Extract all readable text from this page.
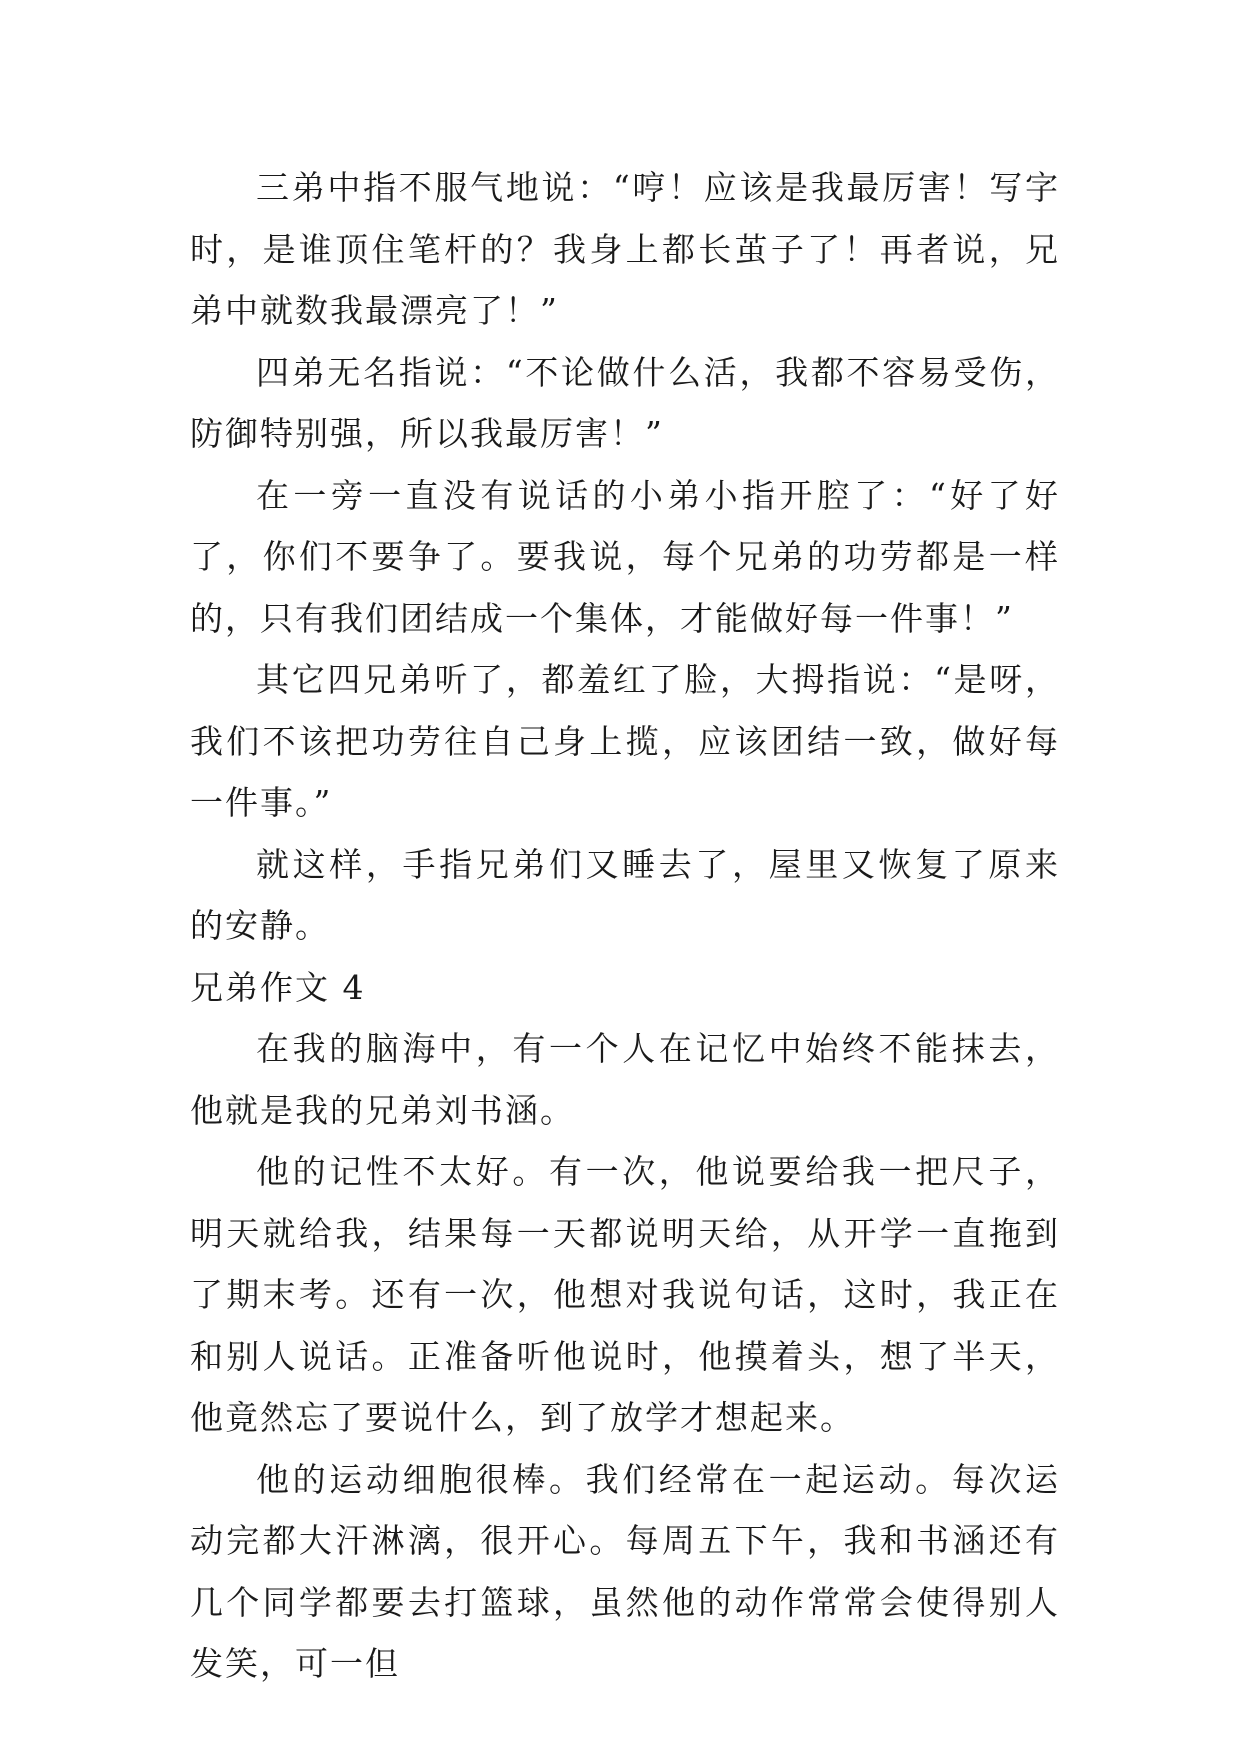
三弟中指不服气地说：“哼！应该是我最厉害！写字时，是谁顶住笔杆的？我身上都长茧子了！再者说，兄弟中就数我最漂亮了！”

四弟无名指说：“不论做什么活，我都不容易受伤，防御特别强，所以我最厉害！”

在一旁一直没有说话的小弟小指开腔了：“好了好了，你们不要争了。要我说，每个兄弟的功劳都是一样的，只有我们团结成一个集体，才能做好每一件事！”

其它四兄弟听了，都羞红了脸，大拇指说：“是呀，我们不该把功劳往自己身上揽，应该团结一致，做好每一件事。”

就这样，手指兄弟们又睡去了，屋里又恢复了原来的安静。

兄弟作文 4

在我的脑海中，有一个人在记忆中始终不能抹去，他就是我的兄弟刘书涵。

他的记性不太好。有一次，他说要给我一把尺子，明天就给我，结果每一天都说明天给，从开学一直拖到了期末考。还有一次，他想对我说句话，这时，我正在和别人说话。正准备听他说时，他摸着头，想了半天，他竟然忘了要说什么，到了放学才想起来。

他的运动细胞很棒。我们经常在一起运动。每次运动完都大汗淋漓，很开心。每周五下午，我和书涵还有几个同学都要去打篮球，虽然他的动作常常会使得别人发笑，可一但
